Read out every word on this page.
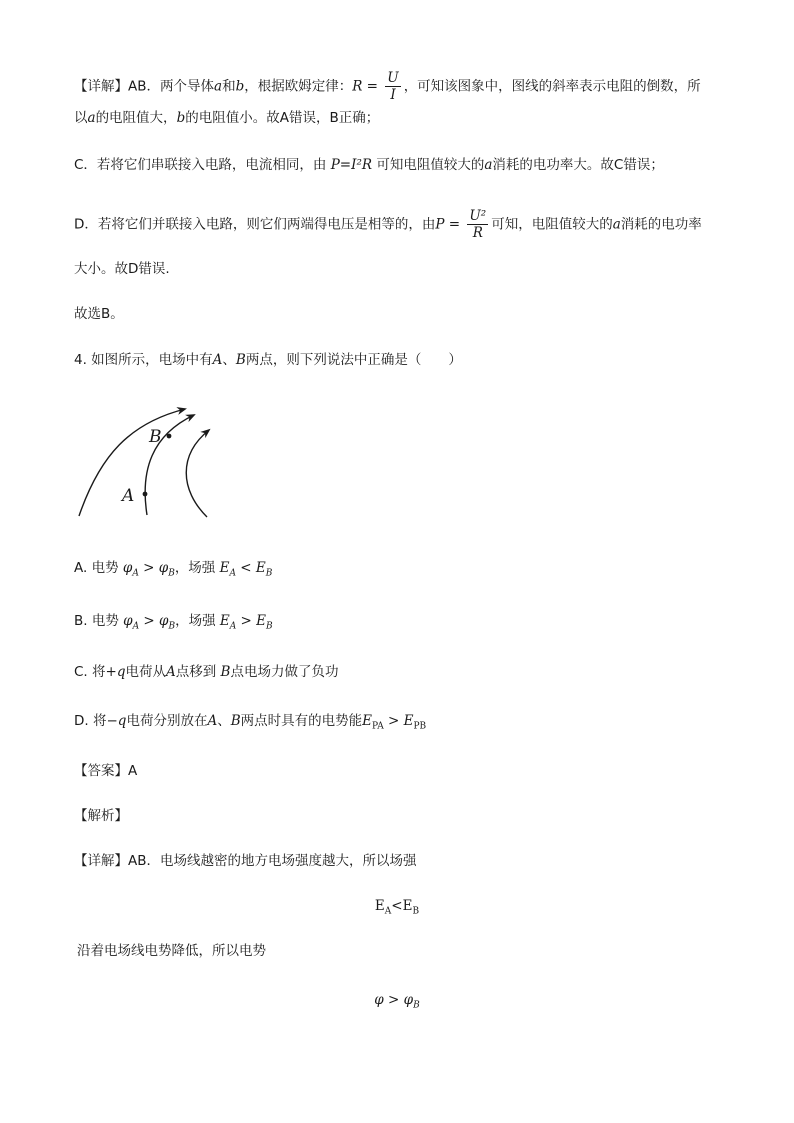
【详解】AB．两个导体a和b，根据欧姆定律：$R = \frac{U}{I}$ ，可知该图象中，图线的斜率表示电阻的倒数，所
以a的电阻值大，b的电阻值小。故A错误，B正确；
C．若将它们串联接入电路，电流相同，由 P=I²R 可知电阻值较大的a消耗的电功率大。故C错误；
D．若将它们并联接入电路，则它们两端得电压是相等的，由$P = \frac{\text{U²}}{R}$ 可知，电阻值较大的a消耗的电功率
大小。故D错误.
故选B。
4. 如图所示，电场中有A、B两点，则下列说法中正确是（　　）
A
B
A. 电势 $\varphi_A > \varphi_B$，场强 $E_A < E_B$
B. 电势 $\varphi_A > \varphi_B$，场强 $E_A > E_B$
C. 将+q电荷从A点移到 B点电场力做了负功
D. 将−q电荷分别放在A、B两点时具有的电势能$E_{PA} > E_{PB}$
【答案】A
【解析】
【详解】AB．电场线越密的地方电场强度越大，所以场强
$E_A<E_B$
沿着电场线电势降低，所以电势
$\varphi > \varphi_B$
